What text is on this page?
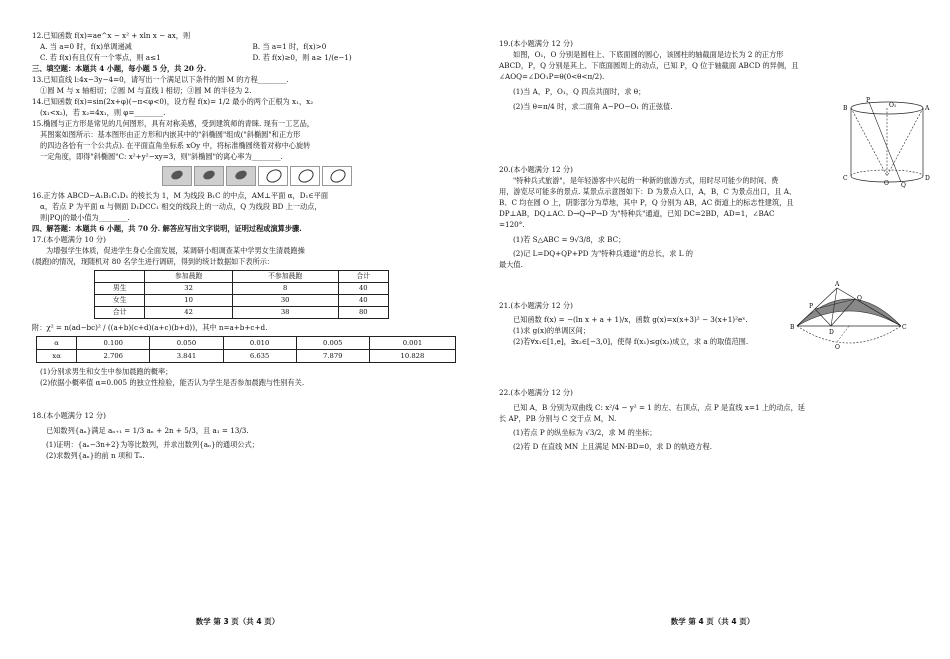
12.已知函数 f(x)=ae^x − x² + xln x − ax，则

A. 当 a=0 时，f(x)单调递减	B. 当 a=1 时，f(x)>0
C. 若 f(x)有且仅有一个零点，则 a≤1	D. 若 f(x)≥0，则 a≥ 1/(e−1)

三、填空题：本题共 4 小题，每小题 5 分，共 20 分.

13.已知直线 l:4x−3y−4=0，请写出一个满足以下条件的圆 M 的方程________.

①圆 M 与 x 轴相切；②圆 M 与直线 l 相切；③圆 M 的半径为 2.

14.已知函数 f(x)=sin(2x+φ)(−π<φ<0)，设方程 f(x)= 1/2 最小的两个正根为 x₁，x₂

(x₁<x₂)，若 x₂=4x₁，则 φ=________.

15.椭圆与正方形是常见的几何图形，具有对称美感，受到建筑师的青睐. 现有一工艺品，

其图案如图所示：基本图形由正方形和内嵌其中的"斜椭圆"组成("斜椭圆"和正方形

的四边各恰有一个公共点). 在平面直角坐标系 xOy 中，将标准椭圆绕着对称中心旋转

一定角度，即得"斜椭圆"C: x²+y²−xy=3，则"斜椭圆"的离心率为________.

16.正方体 ABCD−A₁B₁C₁D₁ 的棱长为 1，M 为线段 B₁C 的中点，AM⊥平面 α，D₁∈平面

α，若点 P 为平面 α 与侧面 D₁DCC₁ 相交的线段上的一动点，Q 为线段 BD 上一动点，

则|PQ|的最小值为________.

四、解答题：本题共 6 小题，共 70 分. 解答应写出文字说明，证明过程或演算步骤.

17.(本小题满分 10 分)

为增强学生体质，促进学生身心全面发展，某调研小组调查某中学男女生清晨跑操

(晨跑)的情况，现随机对 80 名学生进行调研，得到的统计数据如下表所示：

	参加晨跑	不参加晨跑	合计
男生	32	8	40
女生	10	30	40
合计	42	38	80

附：χ² = n(ad−bc)² / ((a+b)(c+d)(a+c)(b+d))，其中 n=a+b+c+d.

α	0.100	0.050	0.010	0.005	0.001
xα	2.706	3.841	6.635	7.879	10.828

(1)分别求男生和女生中参加晨跑的概率；

(2)依据小概率值 α=0.005 的独立性检验，能否认为学生是否参加晨跑与性别有关.

18.(本小题满分 12 分)

已知数列{aₙ}满足 aₙ₊₁ = 1/3 aₙ + 2n + 5/3，且 a₁ = 13/3.

(1)证明：{aₙ−3n+2}为等比数列，并求出数列{aₙ}的通项公式；

(2)求数列{aₙ}的前 n 项和 Tₙ.

数学 第 3 页（共 4 页）

19.(本小题满分 12 分)

如图，O₁，O 分别是圆柱上、下底面圆的圆心，该圆柱的轴截面是边长为 2 的正方形

ABCD，P，Q 分别是其上、下底面圆周上的动点，已知 P，Q 位于轴截面 ABCD 的异侧，且

∠AOQ=∠DO₁P=θ(0<θ<π/2).

(1)当 A，P，O₁，Q 四点共面时，求 θ；

(2)当 θ=π/4 时，求二面角 A−PO−O₁ 的正弦值.

20.(本小题满分 12 分)

"特种兵式旅游"，是年轻游客中兴起的一种新的旅游方式，用时尽可能少的时间、费

用，游览尽可能多的景点. 某景点示意图如下：D 为景点入口，A，B，C 为景点出口，且 A、

B、C 均在圆 O 上，阴影部分为草地，其中 P，Q 分别为 AB，AC 街道上的标志性建筑，且

DP⊥AB，DQ⊥AC. D→Q→P→D 为"特种兵"通道，已知 DC=2BD，AD=1，∠BAC

=120°.

(1)若 S△ABC = 9√3/8，求 BC；

(2)记 L=DQ+QP+PD 为"特种兵通道"的总长，求 L 的

最大值.

21.(本小题满分 12 分)

已知函数 f(x) = −(ln x + a + 1)/x，函数 g(x)=x(x+3)² − 3(x+1)²eˣ.

(1)求 g(x)的单调区间；

(2)若∀x₁∈[1,e]，∃x₂∈[−3,0]，使得 f(x₁)≤g(x₂)成立，求 a 的取值范围.

22.(本小题满分 12 分)

已知 A，B 分别为双曲线 C: x²/4 − y² = 1 的左、右顶点，点 P 是直线 x=1 上的动点，延

长 AP，PB 分别与 C 交于点 M，N.

(1)若点 P 的纵坐标为 √3/2，求 M 的坐标；

(2)若 D 在直线 MN 上且满足 MN·BD=0，求 D 的轨迹方程.

P
O₁
B	A
C	D
O Q
A
P
Q
B
D
C
O
数学 第 4 页（共 4 页）
